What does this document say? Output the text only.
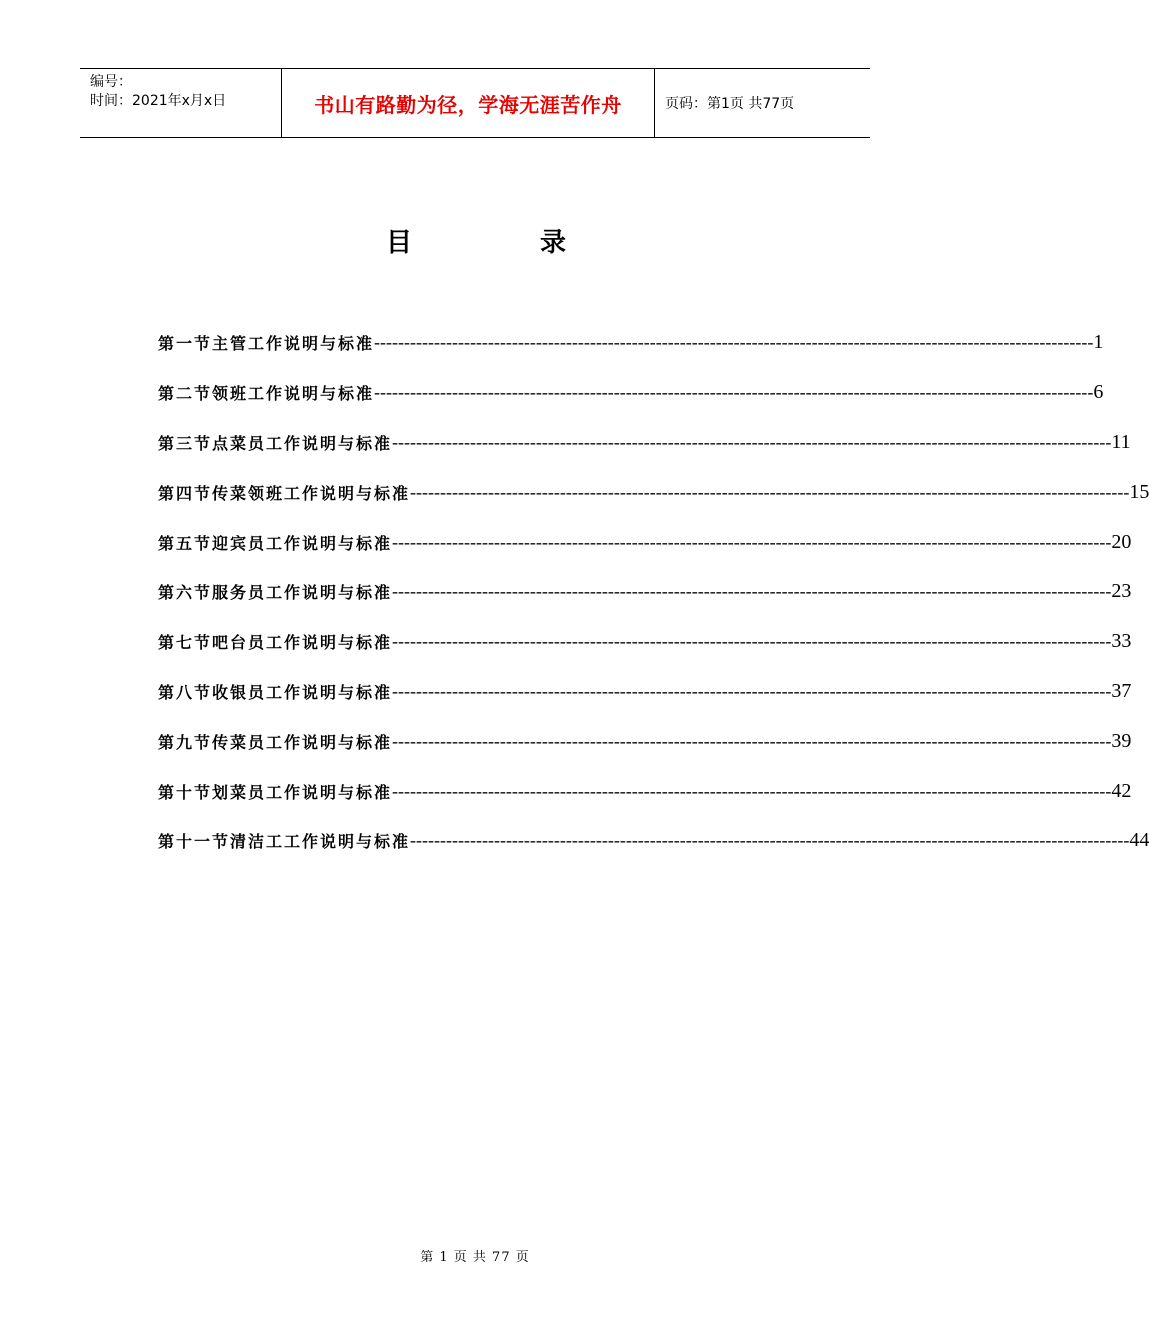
编号：
时间：2021年x月x日	书山有路勤为径，学海无涯苦作舟	页码：第1页 共77页
目	录
第一节 主管工作说明与标准 ------------------------------------------------------------------------------------------------------------------------ 1
第二节 领班工作说明与标准 ------------------------------------------------------------------------------------------------------------------------ 6
第三节 点菜员工作说明与标准 ------------------------------------------------------------------------------------------------------------------------ 11
第四节 传菜领班工作说明与标准 ------------------------------------------------------------------------------------------------------------------------ 15
第五节 迎宾员工作说明与标准 ------------------------------------------------------------------------------------------------------------------------ 20
第六节 服务员工作说明与标准 ------------------------------------------------------------------------------------------------------------------------ 23
第七节 吧台员工作说明与标准 ------------------------------------------------------------------------------------------------------------------------ 33
第八节 收银员工作说明与标准 ------------------------------------------------------------------------------------------------------------------------ 37
第九节 传菜员工作说明与标准 ------------------------------------------------------------------------------------------------------------------------ 39
第十节 划菜员工作说明与标准 ------------------------------------------------------------------------------------------------------------------------ 42
第十一节 清洁工工作说明与标准 ------------------------------------------------------------------------------------------------------------------------ 44
第 1 页 共 77 页
